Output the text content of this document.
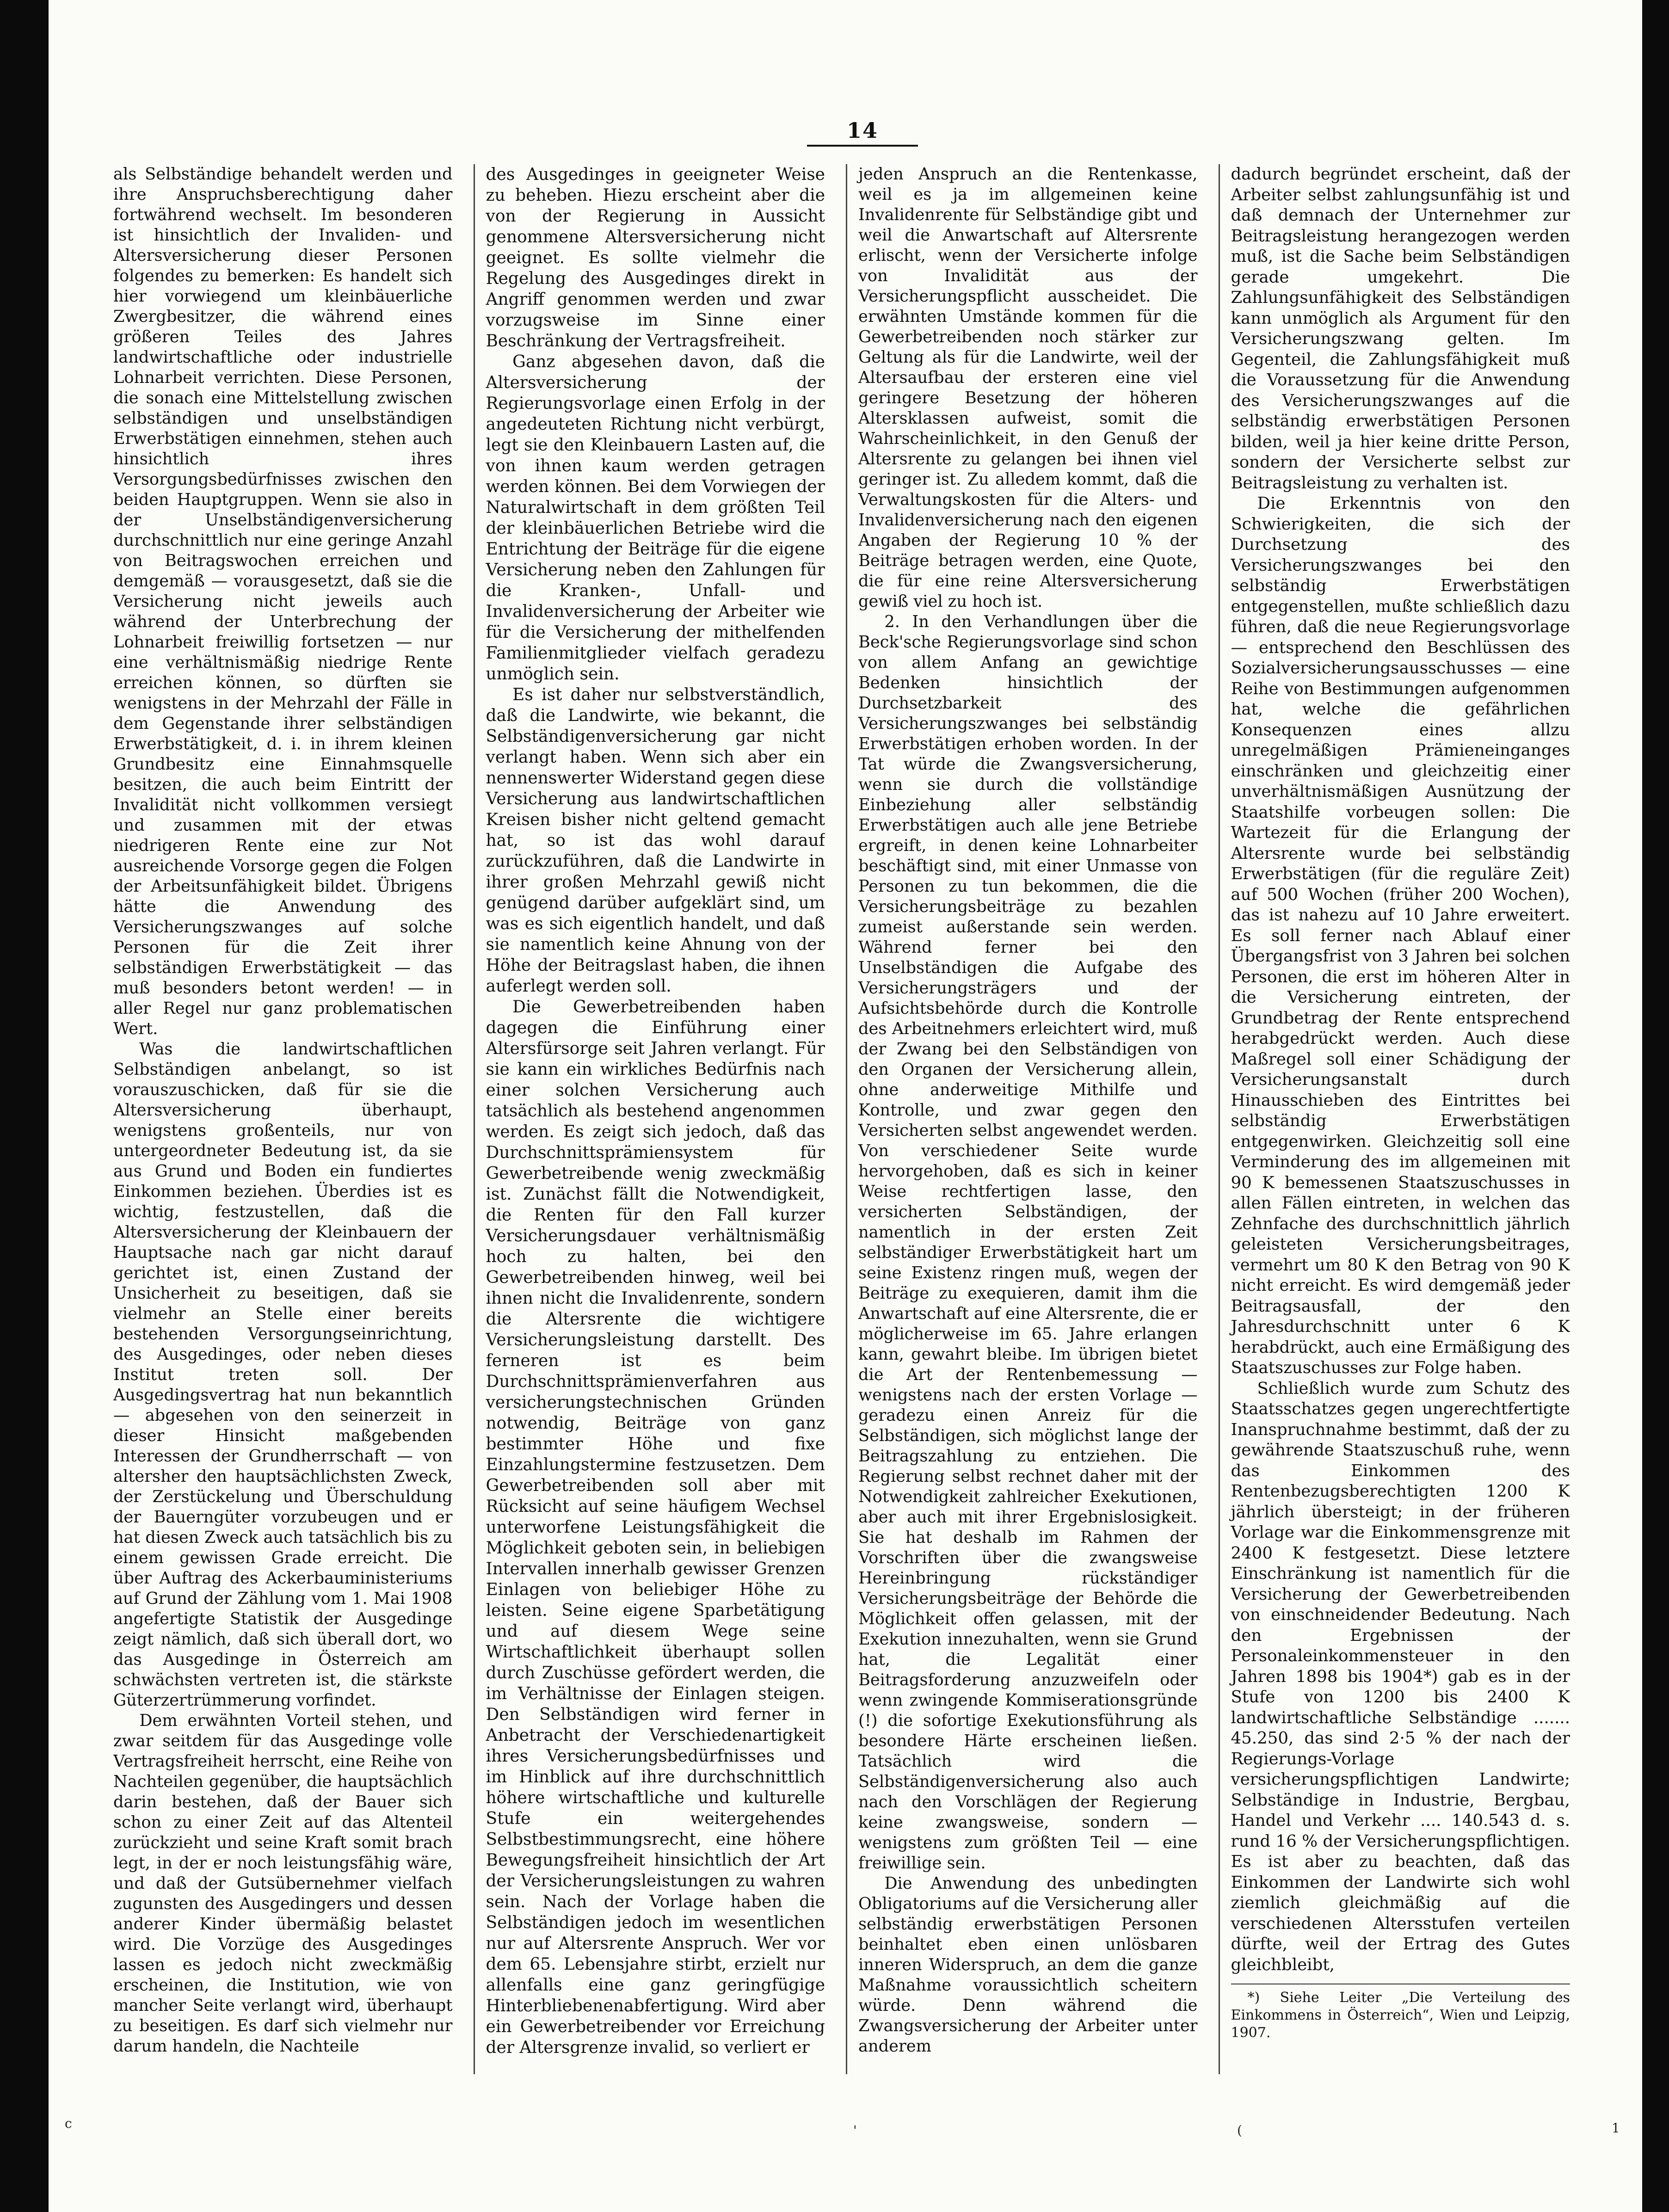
14

als Selbständige behandelt werden und ihre Anspruchsberechtigung daher fortwährend wechselt. Im besonderen ist hinsichtlich der Invaliden- und Altersversicherung dieser Personen folgendes zu bemerken: Es handelt sich hier vorwiegend um kleinbäuerliche Zwergbesitzer, die während eines größeren Teiles des Jahres landwirtschaftliche oder industrielle Lohnarbeit verrichten. Diese Personen, die sonach eine Mittelstellung zwischen selbständigen und unselbständigen Erwerbstätigen einnehmen, stehen auch hinsichtlich ihres Versorgungsbedürfnisses zwischen den beiden Hauptgruppen. Wenn sie also in der Unselbständigenversicherung durchschnittlich nur eine geringe Anzahl von Beitragswochen erreichen und demgemäß — vorausgesetzt, daß sie die Versicherung nicht jeweils auch während der Unterbrechung der Lohnarbeit freiwillig fortsetzen — nur eine verhältnismäßig niedrige Rente erreichen können, so dürften sie wenigstens in der Mehrzahl der Fälle in dem Gegenstande ihrer selbständigen Erwerbstätigkeit, d. i. in ihrem kleinen Grundbesitz eine Einnahmsquelle besitzen, die auch beim Eintritt der Invalidität nicht vollkommen versiegt und zusammen mit der etwas niedrigeren Rente eine zur Not ausreichende Vorsorge gegen die Folgen der Arbeitsunfähigkeit bildet. Übrigens hätte die Anwendung des Versicherungszwanges auf solche Personen für die Zeit ihrer selbständigen Erwerbstätigkeit — das muß besonders betont werden! — in aller Regel nur ganz problematischen Wert.

Was die landwirtschaftlichen Selbständigen anbelangt, so ist vorauszuschicken, daß für sie die Altersversicherung überhaupt, wenigstens großenteils, nur von untergeordneter Bedeutung ist, da sie aus Grund und Boden ein fundiertes Einkommen beziehen. Überdies ist es wichtig, festzustellen, daß die Altersversicherung der Kleinbauern der Hauptsache nach gar nicht darauf gerichtet ist, einen Zustand der Unsicherheit zu beseitigen, daß sie vielmehr an Stelle einer bereits bestehenden Versorgungseinrichtung, des Ausgedinges, oder neben dieses Institut treten soll. Der Ausgedingsvertrag hat nun bekanntlich — abgesehen von den seinerzeit in dieser Hinsicht maßgebenden Interessen der Grundherrschaft — von altersher den hauptsächlichsten Zweck, der Zerstückelung und Überschuldung der Bauerngüter vorzubeugen und er hat diesen Zweck auch tatsächlich bis zu einem gewissen Grade erreicht. Die über Auftrag des Ackerbauministeriums auf Grund der Zählung vom 1. Mai 1908 angefertigte Statistik der Ausgedinge zeigt nämlich, daß sich überall dort, wo das Ausgedinge in Österreich am schwächsten vertreten ist, die stärkste Güterzertrümmerung vorfindet.

Dem erwähnten Vorteil stehen, und zwar seitdem für das Ausgedinge volle Vertragsfreiheit herrscht, eine Reihe von Nachteilen gegenüber, die hauptsächlich darin bestehen, daß der Bauer sich schon zu einer Zeit auf das Altenteil zurückzieht und seine Kraft somit brach legt, in der er noch leistungsfähig wäre, und daß der Gutsübernehmer vielfach zugunsten des Ausgedingers und dessen anderer Kinder übermäßig belastet wird. Die Vorzüge des Ausgedinges lassen es jedoch nicht zweckmäßig erscheinen, die Institution, wie von mancher Seite verlangt wird, überhaupt zu beseitigen. Es darf sich vielmehr nur darum handeln, die Nachteile

des Ausgedinges in geeigneter Weise zu beheben. Hiezu erscheint aber die von der Regierung in Aussicht genommene Altersversicherung nicht geeignet. Es sollte vielmehr die Regelung des Ausgedinges direkt in Angriff genommen werden und zwar vorzugsweise im Sinne einer Beschränkung der Vertragsfreiheit.

Ganz abgesehen davon, daß die Altersversicherung der Regierungsvorlage einen Erfolg in der angedeuteten Richtung nicht verbürgt, legt sie den Kleinbauern Lasten auf, die von ihnen kaum werden getragen werden können. Bei dem Vorwiegen der Naturalwirtschaft in dem größten Teil der kleinbäuerlichen Betriebe wird die Entrichtung der Beiträge für die eigene Versicherung neben den Zahlungen für die Kranken-, Unfall- und Invalidenversicherung der Arbeiter wie für die Versicherung der mithelfenden Familienmitglieder vielfach geradezu unmöglich sein.

Es ist daher nur selbstverständlich, daß die Landwirte, wie bekannt, die Selbständigenversicherung gar nicht verlangt haben. Wenn sich aber ein nennenswerter Widerstand gegen diese Versicherung aus landwirtschaftlichen Kreisen bisher nicht geltend gemacht hat, so ist das wohl darauf zurückzuführen, daß die Landwirte in ihrer großen Mehrzahl gewiß nicht genügend darüber aufgeklärt sind, um was es sich eigentlich handelt, und daß sie namentlich keine Ahnung von der Höhe der Beitragslast haben, die ihnen auferlegt werden soll.

Die Gewerbetreibenden haben dagegen die Einführung einer Altersfürsorge seit Jahren verlangt. Für sie kann ein wirkliches Bedürfnis nach einer solchen Versicherung auch tatsächlich als bestehend angenommen werden. Es zeigt sich jedoch, daß das Durchschnittsprämiensystem für Gewerbetreibende wenig zweckmäßig ist. Zunächst fällt die Notwendigkeit, die Renten für den Fall kurzer Versicherungsdauer verhältnismäßig hoch zu halten, bei den Gewerbetreibenden hinweg, weil bei ihnen nicht die Invalidenrente, sondern die Altersrente die wichtigere Versicherungsleistung darstellt. Des ferneren ist es beim Durchschnittsprämienverfahren aus versicherungstechnischen Gründen notwendig, Beiträge von ganz bestimmter Höhe und fixe Einzahlungstermine festzusetzen. Dem Gewerbetreibenden soll aber mit Rücksicht auf seine häufigem Wechsel unterworfene Leistungsfähigkeit die Möglichkeit geboten sein, in beliebigen Intervallen innerhalb gewisser Grenzen Einlagen von beliebiger Höhe zu leisten. Seine eigene Sparbetätigung und auf diesem Wege seine Wirtschaftlichkeit überhaupt sollen durch Zuschüsse gefördert werden, die im Verhältnisse der Einlagen steigen. Den Selbständigen wird ferner in Anbetracht der Verschiedenartigkeit ihres Versicherungsbedürfnisses und im Hinblick auf ihre durchschnittlich höhere wirtschaftliche und kulturelle Stufe ein weitergehendes Selbstbestimmungsrecht, eine höhere Bewegungsfreiheit hinsichtlich der Art der Versicherungsleistungen zu wahren sein. Nach der Vorlage haben die Selbständigen jedoch im wesentlichen nur auf Altersrente Anspruch. Wer vor dem 65. Lebensjahre stirbt, erzielt nur allenfalls eine ganz geringfügige Hinterbliebenenabfertigung. Wird aber ein Gewerbetreibender vor Erreichung der Altersgrenze invalid, so verliert er

jeden Anspruch an die Rentenkasse, weil es ja im allgemeinen keine Invalidenrente für Selbständige gibt und weil die Anwartschaft auf Altersrente erlischt, wenn der Versicherte infolge von Invalidität aus der Versicherungspflicht ausscheidet. Die erwähnten Umstände kommen für die Gewerbetreibenden noch stärker zur Geltung als für die Landwirte, weil der Altersaufbau der ersteren eine viel geringere Besetzung der höheren Altersklassen aufweist, somit die Wahrscheinlichkeit, in den Genuß der Altersrente zu gelangen bei ihnen viel geringer ist. Zu alledem kommt, daß die Verwaltungskosten für die Alters- und Invalidenversicherung nach den eigenen Angaben der Regierung 10 % der Beiträge betragen werden, eine Quote, die für eine reine Altersversicherung gewiß viel zu hoch ist.

2. In den Verhandlungen über die Beck'sche Regierungsvorlage sind schon von allem Anfang an gewichtige Bedenken hinsichtlich der Durchsetzbarkeit des Versicherungszwanges bei selbständig Erwerbstätigen erhoben worden. In der Tat würde die Zwangsversicherung, wenn sie durch die vollständige Einbeziehung aller selbständig Erwerbstätigen auch alle jene Betriebe ergreift, in denen keine Lohnarbeiter beschäftigt sind, mit einer Unmasse von Personen zu tun bekommen, die die Versicherungsbeiträge zu bezahlen zumeist außerstande sein werden. Während ferner bei den Unselbständigen die Aufgabe des Versicherungsträgers und der Aufsichtsbehörde durch die Kontrolle des Arbeitnehmers erleichtert wird, muß der Zwang bei den Selbständigen von den Organen der Versicherung allein, ohne anderweitige Mithilfe und Kontrolle, und zwar gegen den Versicherten selbst angewendet werden. Von verschiedener Seite wurde hervorgehoben, daß es sich in keiner Weise rechtfertigen lasse, den versicherten Selbständigen, der namentlich in der ersten Zeit selbständiger Erwerbstätigkeit hart um seine Existenz ringen muß, wegen der Beiträge zu exequieren, damit ihm die Anwartschaft auf eine Altersrente, die er möglicherweise im 65. Jahre erlangen kann, gewahrt bleibe. Im übrigen bietet die Art der Rentenbemessung — wenigstens nach der ersten Vorlage — geradezu einen Anreiz für die Selbständigen, sich möglichst lange der Beitragszahlung zu entziehen. Die Regierung selbst rechnet daher mit der Notwendigkeit zahlreicher Exekutionen, aber auch mit ihrer Ergebnislosigkeit. Sie hat deshalb im Rahmen der Vorschriften über die zwangsweise Hereinbringung rückständiger Versicherungsbeiträge der Behörde die Möglichkeit offen gelassen, mit der Exekution innezuhalten, wenn sie Grund hat, die Legalität einer Beitragsforderung anzuzweifeln oder wenn zwingende Kommiserationsgründe (!) die sofortige Exekutionsführung als besondere Härte erscheinen ließen. Tatsächlich wird die Selbständigenversicherung also auch nach den Vorschlägen der Regierung keine zwangsweise, sondern — wenigstens zum größten Teil — eine freiwillige sein.

Die Anwendung des unbedingten Obligatoriums auf die Versicherung aller selbständig erwerbstätigen Personen beinhaltet eben einen unlösbaren inneren Widerspruch, an dem die ganze Maßnahme voraussichtlich scheitern würde. Denn während die Zwangsversicherung der Arbeiter unter anderem

dadurch begründet erscheint, daß der Arbeiter selbst zahlungsunfähig ist und daß demnach der Unternehmer zur Beitragsleistung herangezogen werden muß, ist die Sache beim Selbständigen gerade umgekehrt. Die Zahlungsunfähigkeit des Selbständigen kann unmöglich als Argument für den Versicherungszwang gelten. Im Gegenteil, die Zahlungsfähigkeit muß die Voraussetzung für die Anwendung des Versicherungszwanges auf die selbständig erwerbstätigen Personen bilden, weil ja hier keine dritte Person, sondern der Versicherte selbst zur Beitragsleistung zu verhalten ist.

Die Erkenntnis von den Schwierigkeiten, die sich der Durchsetzung des Versicherungszwanges bei den selbständig Erwerbstätigen entgegenstellen, mußte schließlich dazu führen, daß die neue Regierungsvorlage — entsprechend den Beschlüssen des Sozialversicherungsausschusses — eine Reihe von Bestimmungen aufgenommen hat, welche die gefährlichen Konsequenzen eines allzu unregelmäßigen Prämieneinganges einschränken und gleichzeitig einer unverhältnismäßigen Ausnützung der Staatshilfe vorbeugen sollen: Die Wartezeit für die Erlangung der Altersrente wurde bei selbständig Erwerbstätigen (für die reguläre Zeit) auf 500 Wochen (früher 200 Wochen), das ist nahezu auf 10 Jahre erweitert. Es soll ferner nach Ablauf einer Übergangsfrist von 3 Jahren bei solchen Personen, die erst im höheren Alter in die Versicherung eintreten, der Grundbetrag der Rente entsprechend herabgedrückt werden. Auch diese Maßregel soll einer Schädigung der Versicherungsanstalt durch Hinausschieben des Eintrittes bei selbständig Erwerbstätigen entgegenwirken. Gleichzeitig soll eine Verminderung des im allgemeinen mit 90 K bemessenen Staatszuschusses in allen Fällen eintreten, in welchen das Zehnfache des durchschnittlich jährlich geleisteten Versicherungsbeitrages, vermehrt um 80 K den Betrag von 90 K nicht erreicht. Es wird demgemäß jeder Beitragsausfall, der den Jahresdurchschnitt unter 6 K herabdrückt, auch eine Ermäßigung des Staatszuschusses zur Folge haben.

Schließlich wurde zum Schutz des Staatsschatzes gegen ungerechtfertigte Inanspruchnahme bestimmt, daß der zu gewährende Staatszuschuß ruhe, wenn das Einkommen des Rentenbezugsberechtigten 1200 K jährlich übersteigt; in der früheren Vorlage war die Einkommensgrenze mit 2400 K festgesetzt. Diese letztere Einschränkung ist namentlich für die Versicherung der Gewerbetreibenden von einschneidender Bedeutung. Nach den Ergebnissen der Personaleinkommensteuer in den Jahren 1898 bis 1904*) gab es in der Stufe von 1200 bis 2400 K landwirtschaftliche Selbständige ....... 45.250, das sind 2·5 % der nach der Regierungs-Vorlage versicherungspflichtigen Landwirte; Selbständige in Industrie, Bergbau, Handel und Verkehr .... 140.543 d. s. rund 16 % der Versicherungspflichtigen. Es ist aber zu beachten, daß das Einkommen der Landwirte sich wohl ziemlich gleichmäßig auf die verschiedenen Altersstufen verteilen dürfte, weil der Ertrag des Gutes gleichbleibt,

*) Siehe Leiter „Die Verteilung des Einkommens in Österreich“, Wien und Leipzig, 1907.

c	'	(	1
